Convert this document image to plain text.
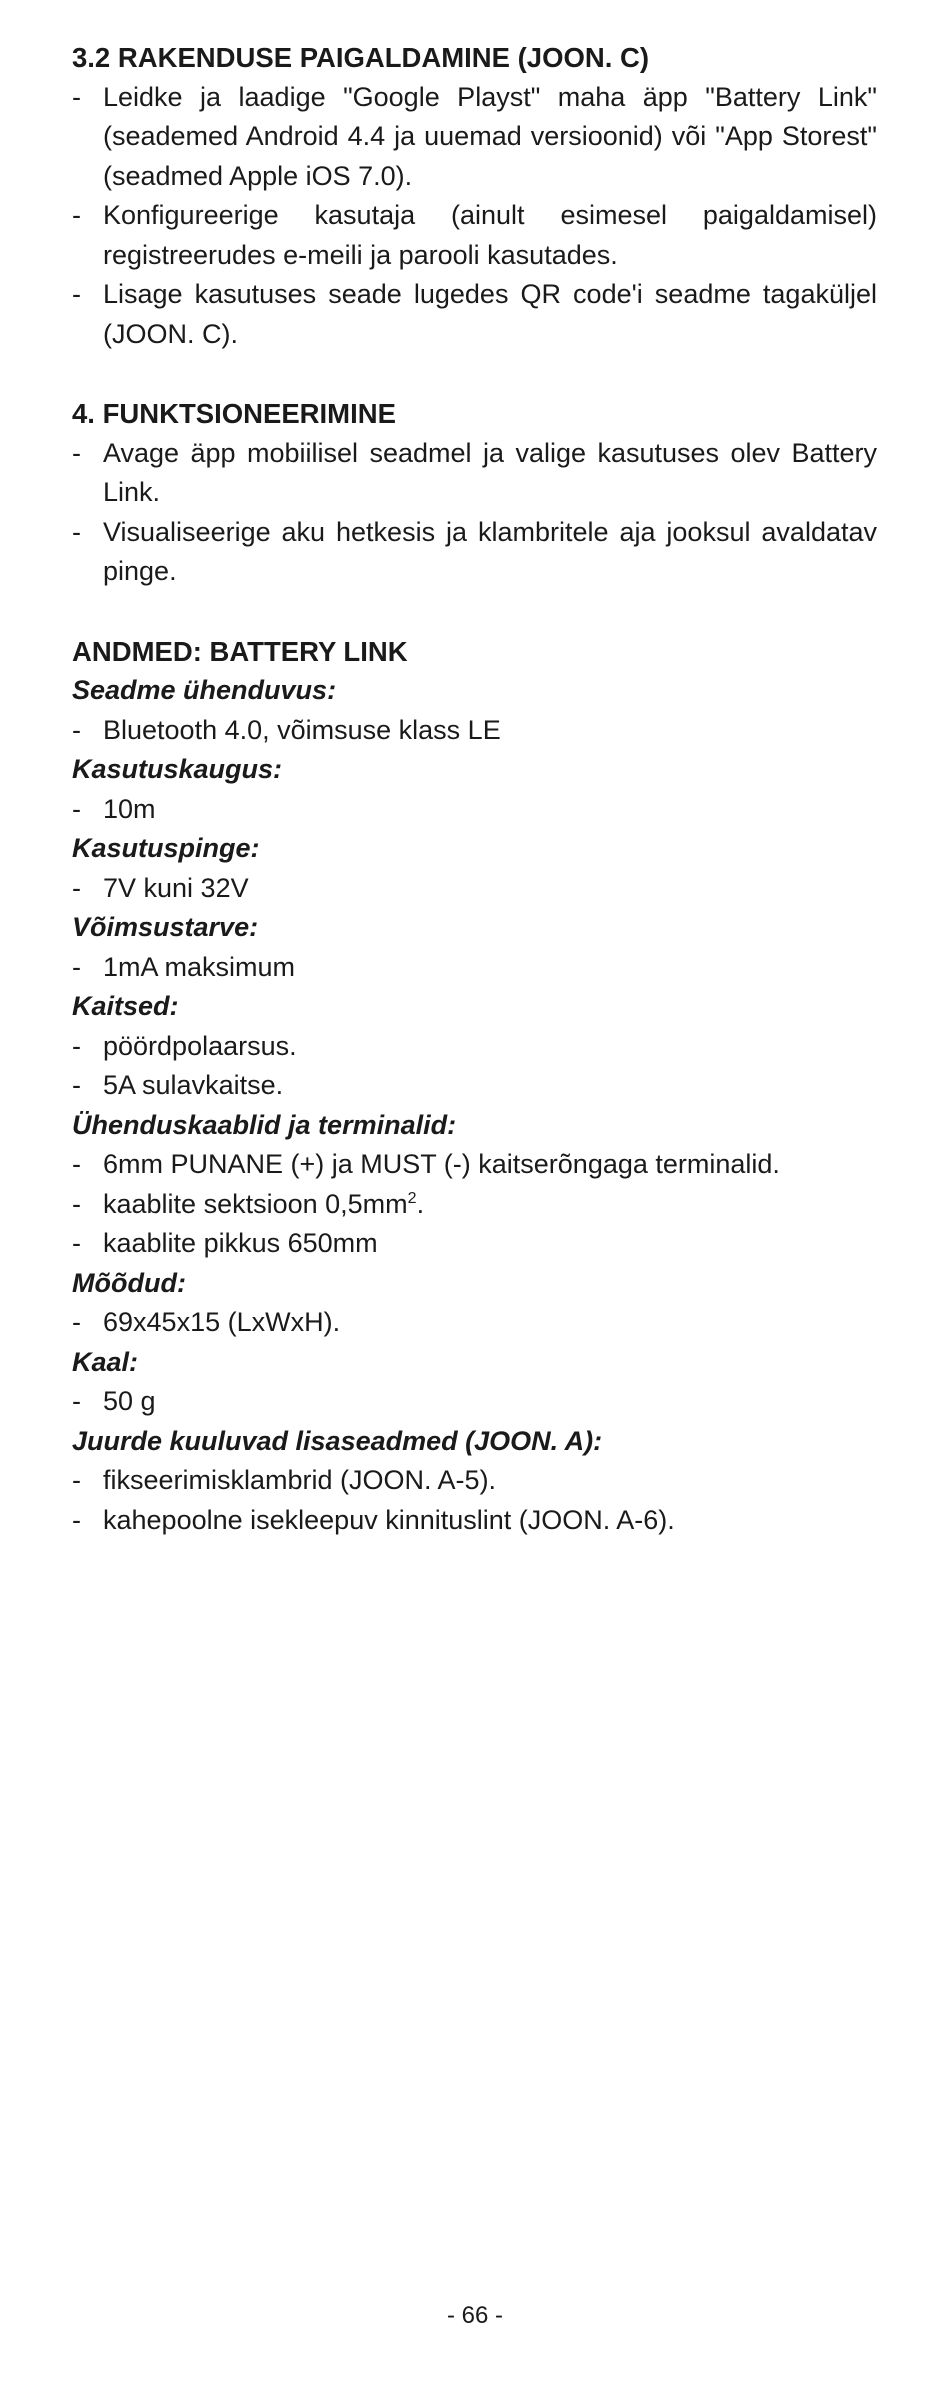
3.2 RAKENDUSE PAIGALDAMINE (JOON. C)
- Leidke ja laadige "Google Playst" maha äpp "Battery Link" (seademed Android 4.4 ja uuemad versioonid) või "App Storest" (seadmed Apple iOS 7.0).
- Konfigureerige kasutaja (ainult esimesel paigaldamisel) registreerudes e-meili ja parooli kasutades.
- Lisage kasutuses seade lugedes QR code'i seadme tagaküljel (JOON. C).
4. FUNKTSIONEERIMINE
- Avage äpp mobiilisel seadmel ja valige kasutuses olev Battery Link.
- Visualiseerige aku hetkesis ja klambritele aja jooksul avaldatav pinge.
ANDMED: BATTERY LINK
Seadme ühenduvus:
- Bluetooth 4.0, võimsuse klass LE
Kasutuskaugus:
- 10m
Kasutuspinge:
- 7V kuni 32V
Võimsustarve:
- 1mA maksimum
Kaitsed:
- pöördpolaarsus.
- 5A sulavkaitse.
Ühenduskaablid ja terminalid:
- 6mm PUNANE (+) ja MUST (-) kaitserõngaga terminalid.
- kaablite sektsioon $0,5mm^2$.
- kaablite pikkus 650mm
Mõõdud:
- 69x45x15 (LxWxH).
Kaal:
- 50 g
Juurde kuuluvad lisaseadmed (JOON. A):
- fikseerimisklambrid (JOON. A-5).
- kahepoolne isekleepuv kinnituslint (JOON. A-6).
- 66 -
